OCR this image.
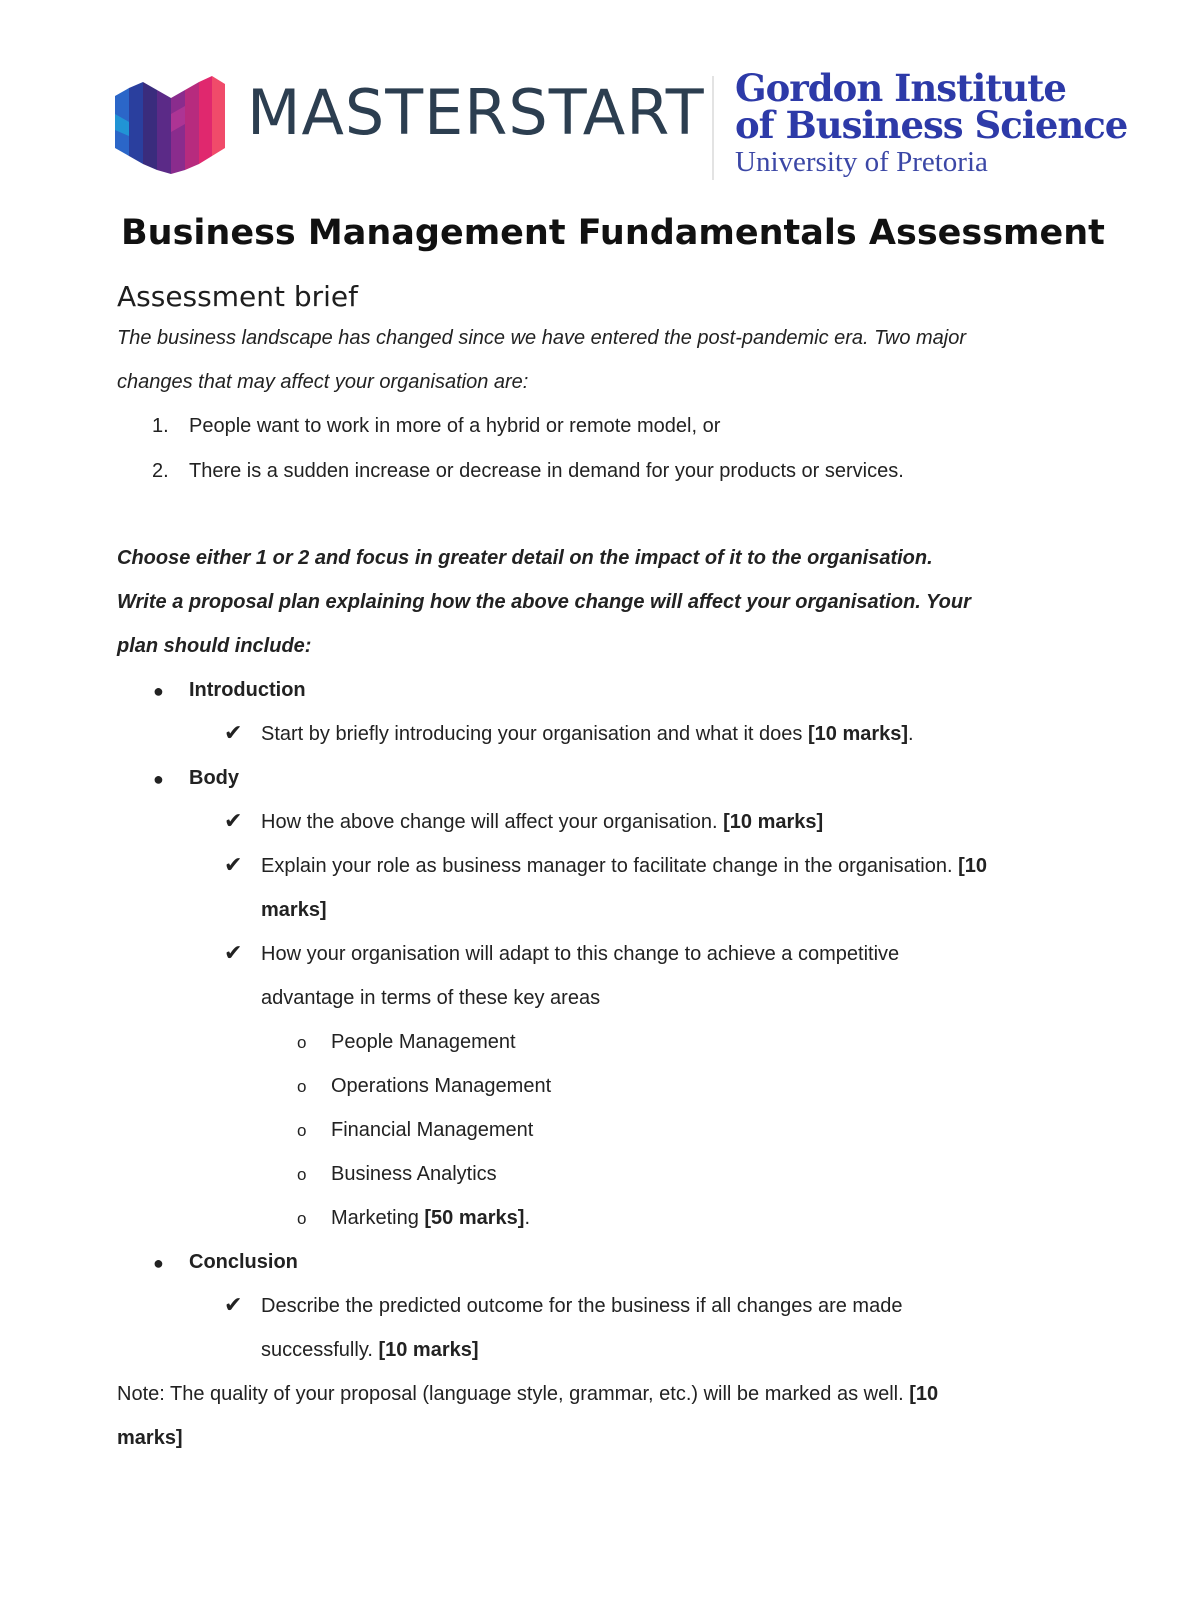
MASTERSTART Gordon Institute
of Business Science
University of Pretoria
Business Management Fundamentals Assessment
Assessment brief
The business landscape has changed since we have entered the post-pandemic era. Two major
changes that may affect your organisation are:
1. People want to work in more of a hybrid or remote model, or
2. There is a sudden increase or decrease in demand for your products or services.
Choose either 1 or 2 and focus in greater detail on the impact of it to the organisation.
Write a proposal plan explaining how the above change will affect your organisation. Your
plan should include:
● Introduction
✔ Start by briefly introducing your organisation and what it does [10 marks].
● Body
✔ How the above change will affect your organisation. [10 marks]
✔ Explain your role as business manager to facilitate change in the organisation. [10
marks]
✔ How your organisation will adapt to this change to achieve a competitive
advantage in terms of these key areas
o People Management
o Operations Management
o Financial Management
o Business Analytics
o Marketing [50 marks].
● Conclusion
✔ Describe the predicted outcome for the business if all changes are made
successfully. [10 marks]
Note: The quality of your proposal (language style, grammar, etc.) will be marked as well. [10
marks]
